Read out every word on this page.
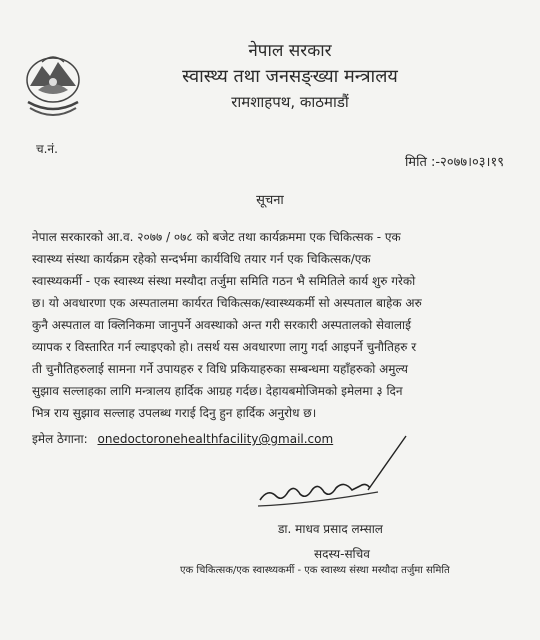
नेपाल सरकार
स्वास्थ्य तथा जनसङ्ख्या मन्त्रालय
रामशाहपथ, काठमाडौं
च.नं.
मिति :-२०७७।०३।१९
सूचना
नेपाल सरकारको आ.व. २०७७ / ०७८ को बजेट तथा कार्यक्रममा एक चिकित्सक - एक
स्वास्थ्य संस्था कार्यक्रम रहेको सन्दर्भमा कार्यविधि तयार गर्न एक चिकित्सक/एक
स्वास्थ्यकर्मी - एक स्वास्थ्य संस्था मस्यौदा तर्जुमा समिति गठन भै समितिले कार्य शुरु गरेको
छ। यो अवधारणा एक अस्पतालमा कार्यरत चिकित्सक/स्वास्थ्यकर्मी सो अस्पताल बाहेक अरु
कुनै अस्पताल वा क्लिनिकमा जानुपर्ने अवस्थाको अन्त गरी सरकारी अस्पतालको सेवालाई
व्यापक र विस्तारित गर्न ल्याइएको हो। तसर्थ यस अवधारणा लागु गर्दा आइपर्ने चुनौतिहरु र
ती चुनौतिहरुलाई सामना गर्ने उपायहरु र विधि प्रकियाहरुका सम्बन्धमा यहाँहरुको अमुल्य
सुझाव सल्लाहका लागि मन्त्रालय हार्दिक आग्रह गर्दछ। देहायबमोजिमको इमेलमा ३ दिन
भित्र राय सुझाव सल्लाह उपलब्ध गराई दिनु हुन हार्दिक अनुरोध छ।
इमेल ठेगाना: onedoctoronehealthfacility@gmail.com
डा. माधव प्रसाद लम्साल
सदस्य-सचिव
एक चिकित्सक/एक स्वास्थ्यकर्मी - एक स्वास्थ्य संस्था मस्यौदा तर्जुमा समिति
